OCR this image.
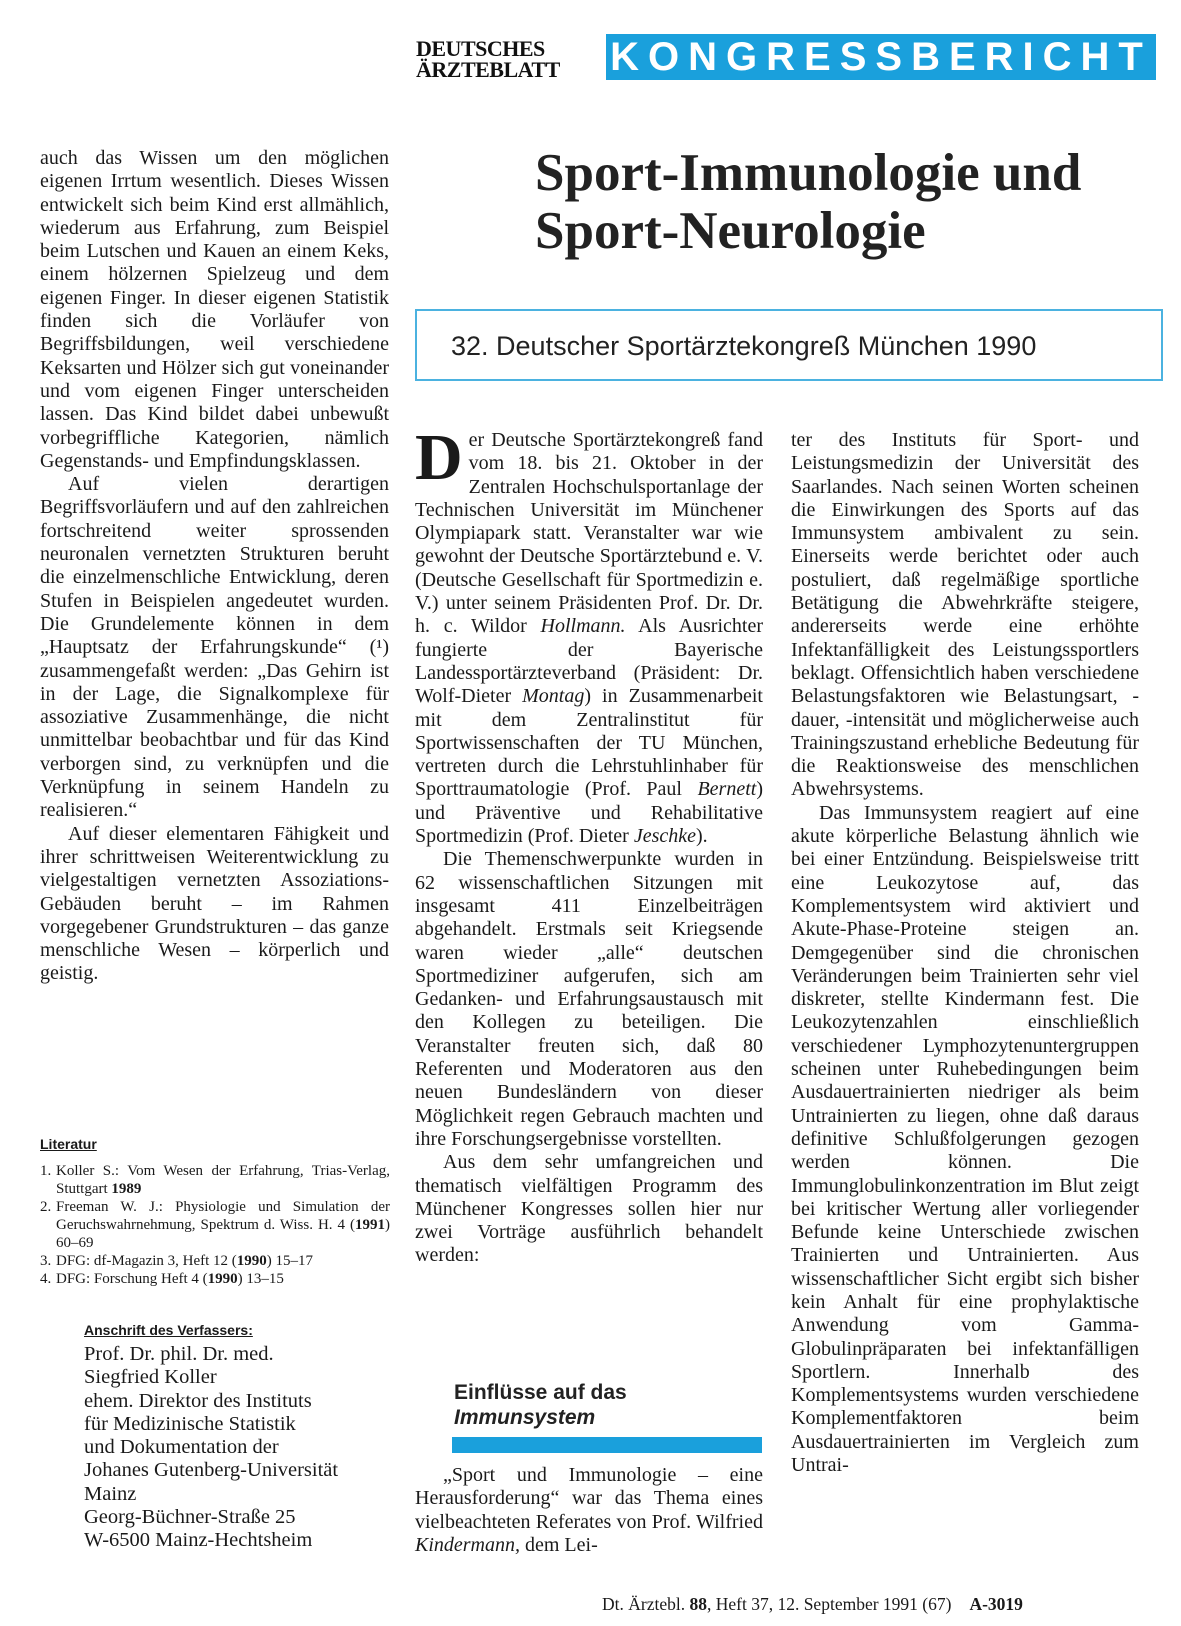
DEUTSCHES
ÄRZTEBLATT	KONGRESSBERICHT

auch das Wissen um den möglichen eigenen Irrtum wesentlich. Dieses Wissen entwickelt sich beim Kind erst allmählich, wiederum aus Erfahrung, zum Beispiel beim Lutschen und Kauen an einem Keks, einem hölzernen Spielzeug und dem eigenen Finger. In dieser eigenen Statistik finden sich die Vorläufer von Begriffsbildungen, weil verschiedene Keksarten und Hölzer sich gut voneinander und vom eigenen Finger unterscheiden lassen. Das Kind bildet dabei unbewußt vorbegriffliche Kategorien, nämlich Gegenstands- und Empfindungsklassen.

Auf vielen derartigen Begriffsvorläufern und auf den zahlreichen fortschreitend weiter sprossenden neuronalen vernetzten Strukturen beruht die einzelmenschliche Entwicklung, deren Stufen in Beispielen angedeutet wurden. Die Grundelemente können in dem „Hauptsatz der Erfahrungskunde“ (¹) zusammengefaßt werden: „Das Gehirn ist in der Lage, die Signalkomplexe für assoziative Zusammenhänge, die nicht unmittelbar beobachtbar und für das Kind verborgen sind, zu verknüpfen und die Verknüpfung in seinem Handeln zu realisieren.“

Auf dieser elementaren Fähigkeit und ihrer schrittweisen Weiterentwicklung zu vielgestaltigen vernetzten Assoziations-Gebäuden beruht – im Rahmen vorgegebener Grundstrukturen – das ganze menschliche Wesen – körperlich und geistig.

Literatur
1. Koller S.: Vom Wesen der Erfahrung, Trias-Verlag, Stuttgart 1989
2. Freeman W. J.: Physiologie und Simulation der Geruchswahrnehmung, Spektrum d. Wiss. H. 4 (1991) 60–69
3. DFG: df-Magazin 3, Heft 12 (1990) 15–17
4. DFG: Forschung Heft 4 (1990) 13–15
Anschrift des Verfassers:
Prof. Dr. phil. Dr. med.
Siegfried Koller
ehem. Direktor des Instituts
für Medizinische Statistik
und Dokumentation der
Johanes Gutenberg-Universität
Mainz
Georg-Büchner-Straße 25
W-6500 Mainz-Hechtsheim
Sport-Immunologie und
Sport-Neurologie
32. Deutscher Sportärztekongreß München 1990

Der Deutsche Sportärztekongreß fand vom 18. bis 21. Oktober in der Zentralen Hochschulsportanlage der Technischen Universität im Münchener Olympiapark statt. Veranstalter war wie gewohnt der Deutsche Sportärztebund e. V. (Deutsche Gesellschaft für Sportmedizin e. V.) unter seinem Präsidenten Prof. Dr. Dr. h. c. Wildor Hollmann. Als Ausrichter fungierte der Bayerische Landessportärzteverband (Präsident: Dr. Wolf-Dieter Montag) in Zusammenarbeit mit dem Zentralinstitut für Sportwissenschaften der TU München, vertreten durch die Lehrstuhlinhaber für Sporttraumatologie (Prof. Paul Bernett) und Präventive und Rehabilitative Sportmedizin (Prof. Dieter Jeschke).

Die Themenschwerpunkte wurden in 62 wissenschaftlichen Sitzungen mit insgesamt 411 Einzelbeiträgen abgehandelt. Erstmals seit Kriegsende waren wieder „alle“ deutschen Sportmediziner aufgerufen, sich am Gedanken- und Erfahrungsaustausch mit den Kollegen zu beteiligen. Die Veranstalter freuten sich, daß 80 Referenten und Moderatoren aus den neuen Bundesländern von dieser Möglichkeit regen Gebrauch machten und ihre Forschungsergebnisse vorstellten.

Aus dem sehr umfangreichen und thematisch vielfältigen Programm des Münchener Kongresses sollen hier nur zwei Vorträge ausführlich behandelt werden:

Einflüsse auf das
Immunsystem

„Sport und Immunologie – eine Herausforderung“ war das Thema eines vielbeachteten Referates von Prof. Wilfried Kindermann, dem Lei-

ter des Instituts für Sport- und Leistungsmedizin der Universität des Saarlandes. Nach seinen Worten scheinen die Einwirkungen des Sports auf das Immunsystem ambivalent zu sein. Einerseits werde berichtet oder auch postuliert, daß regelmäßige sportliche Betätigung die Abwehrkräfte steigere, andererseits werde eine erhöhte Infektanfälligkeit des Leistungssportlers beklagt. Offensichtlich haben verschiedene Belastungsfaktoren wie Belastungsart, -dauer, -intensität und möglicherweise auch Trainingszustand erhebliche Bedeutung für die Reaktionsweise des menschlichen Abwehrsystems.

Das Immunsystem reagiert auf eine akute körperliche Belastung ähnlich wie bei einer Entzündung. Beispielsweise tritt eine Leukozytose auf, das Komplementsystem wird aktiviert und Akute-Phase-Proteine steigen an. Demgegenüber sind die chronischen Veränderungen beim Trainierten sehr viel diskreter, stellte Kindermann fest. Die Leukozytenzahlen einschließlich verschiedener Lymphozytenuntergruppen scheinen unter Ruhebedingungen beim Ausdauertrainierten niedriger als beim Untrainierten zu liegen, ohne daß daraus definitive Schlußfolgerungen gezogen werden können. Die Immunglobulinkonzentration im Blut zeigt bei kritischer Wertung aller vorliegender Befunde keine Unterschiede zwischen Trainierten und Untrainierten. Aus wissenschaftlicher Sicht ergibt sich bisher kein Anhalt für eine prophylaktische Anwendung vom Gamma-Globulinpräparaten bei infektanfälligen Sportlern. Innerhalb des Komplementsystems wurden verschiedene Komplementfaktoren beim Ausdauertrainierten im Vergleich zum Untrai-

Dt. Ärztebl. 88, Heft 37, 12. September 1991 (67) A-3019
